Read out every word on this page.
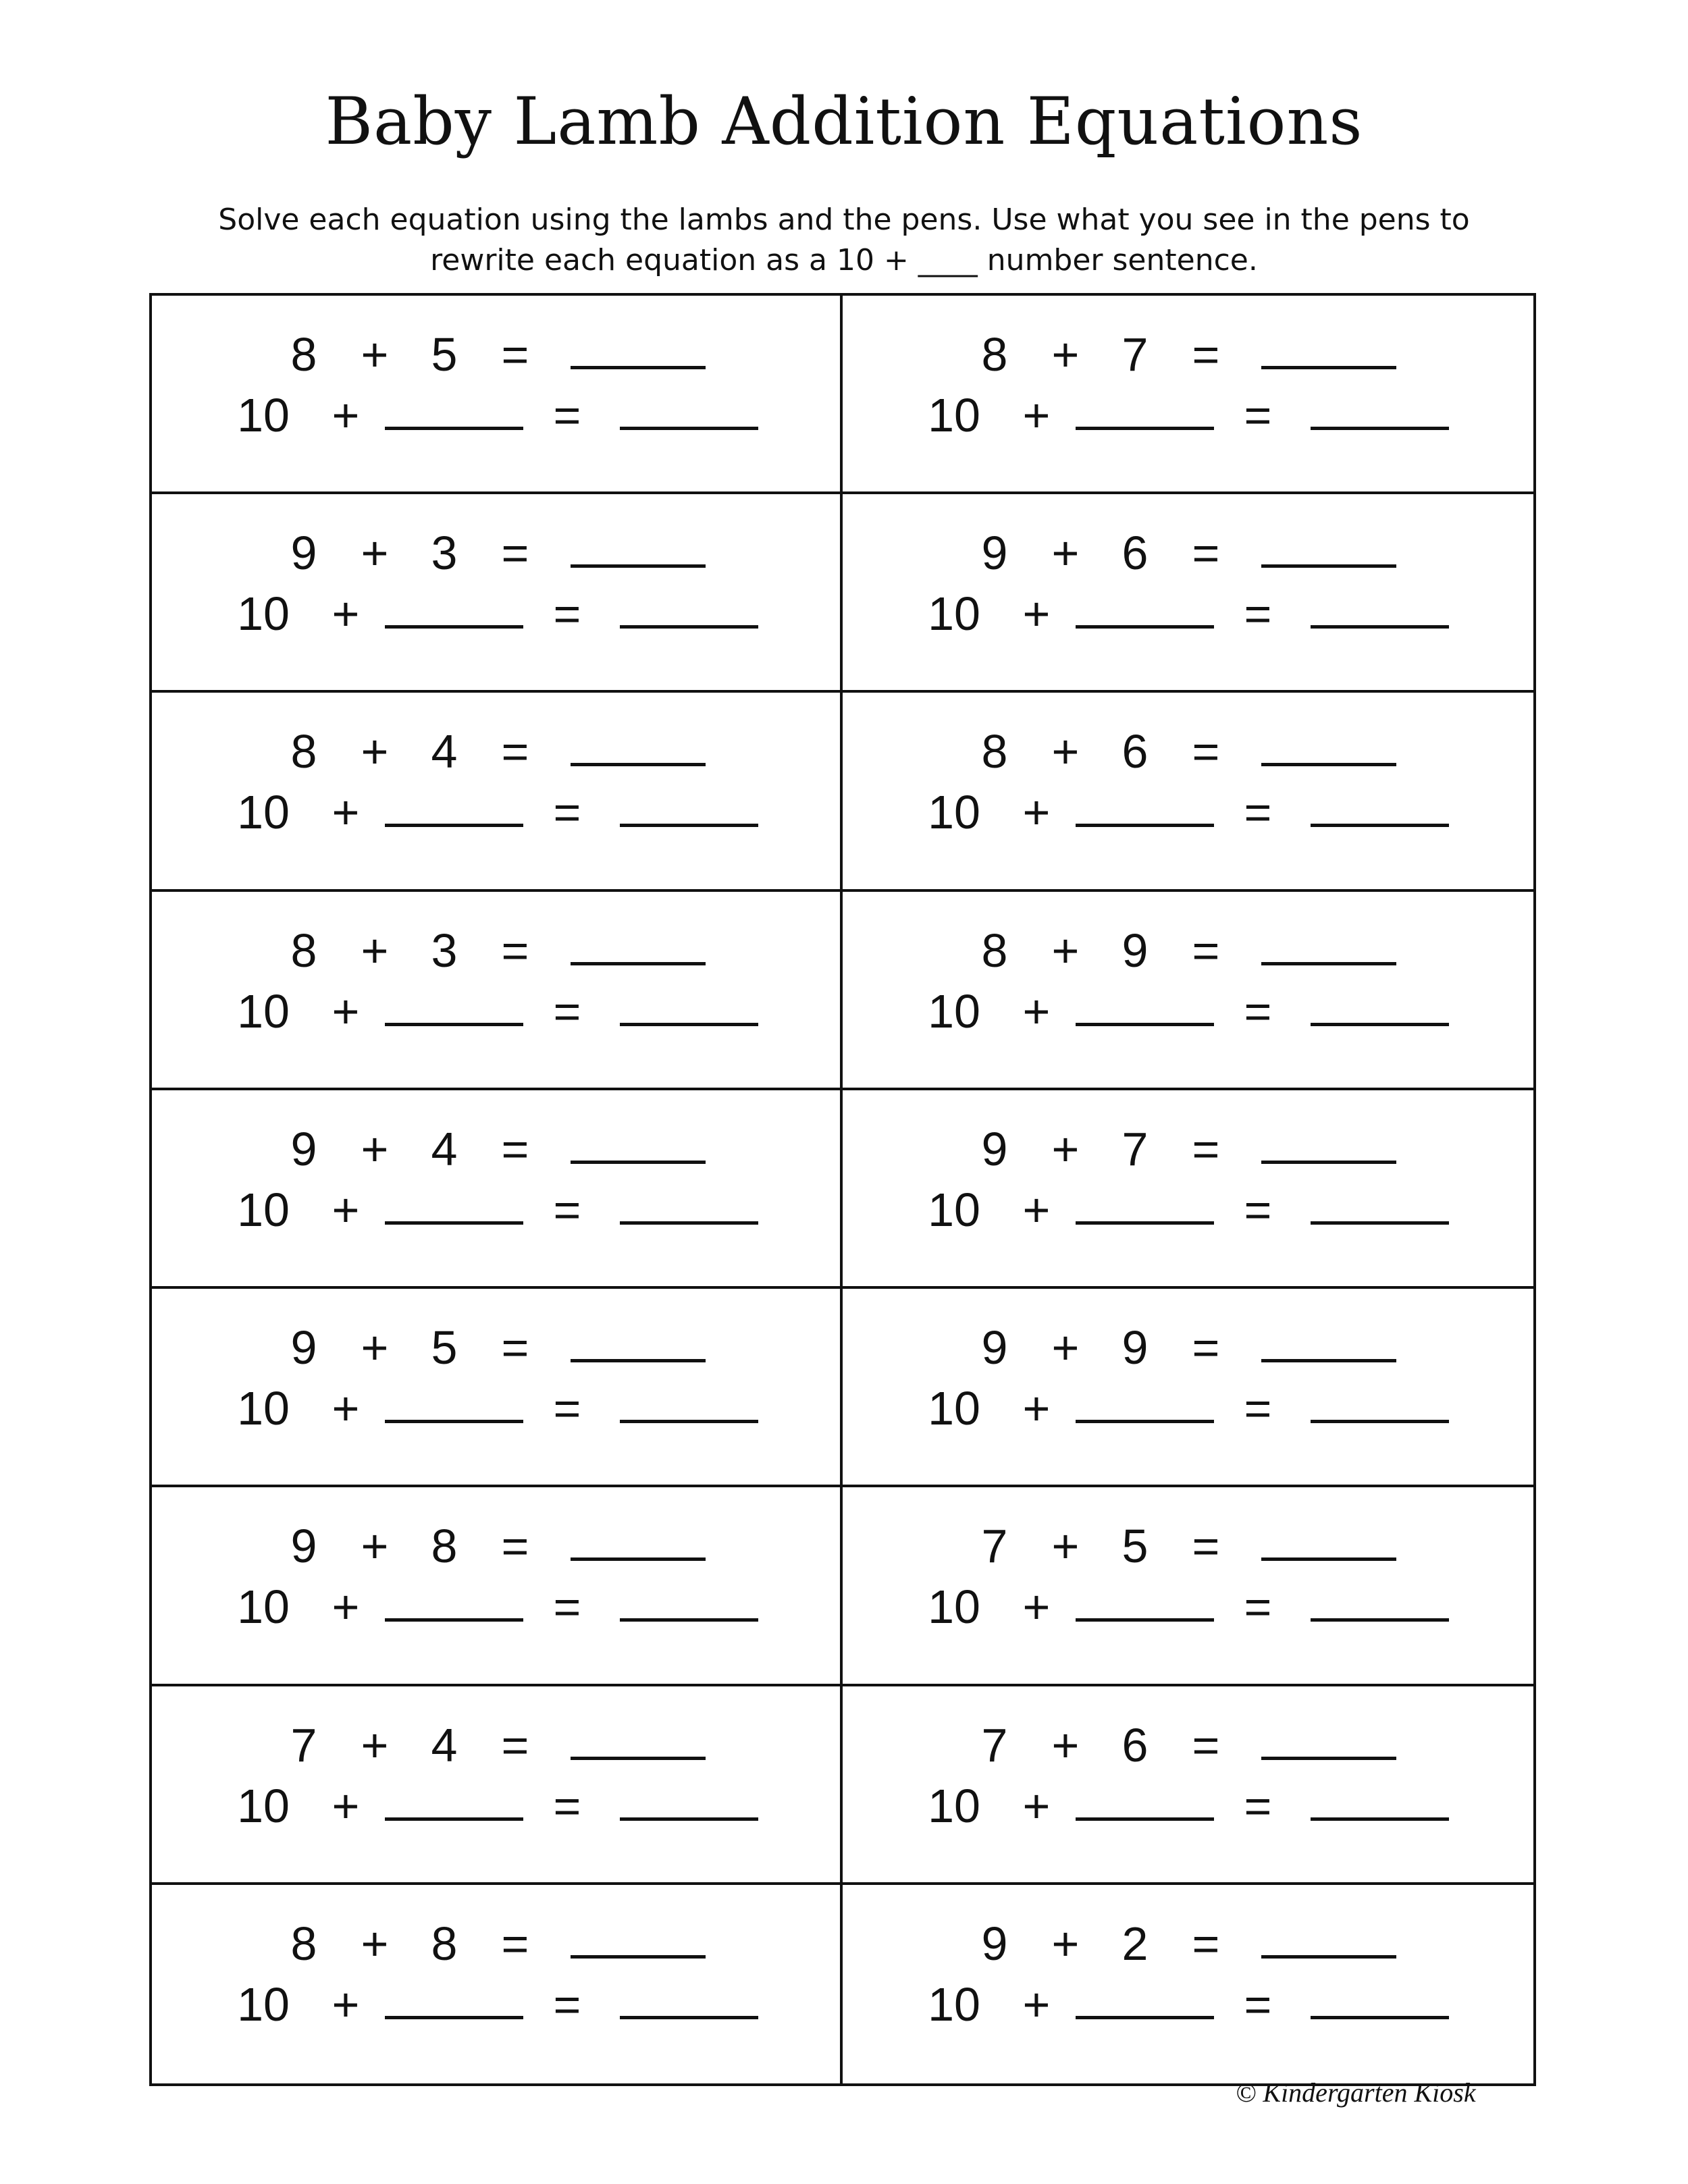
Baby Lamb Addition Equations
Solve each equation using the lambs and the pens. Use what you see in the pens to
rewrite each equation as a 10 + ____ number sentence.
8 + 5 =
10 +	=
8 + 7 =
10 +	=
9 + 3 =
10 +	=
9 + 6 =
10 +	=
8 + 4 =
10 +	=
8 + 6 =
10 +	=
8 + 3 =
10 +	=
8 + 9 =
10 +	=
9 + 4 =
10 +	=
9 + 7 =
10 +	=
9 + 5 =
10 +	=
9 + 9 =
10 +	=
9 + 8 =
10 +	=
7 + 5 =
10 +	=
7 + 4 =
10 +	=
7 + 6 =
10 +	=
8 + 8 =
10 +	=
9 + 2 =
10 +	=
© Kindergarten Kiosk
